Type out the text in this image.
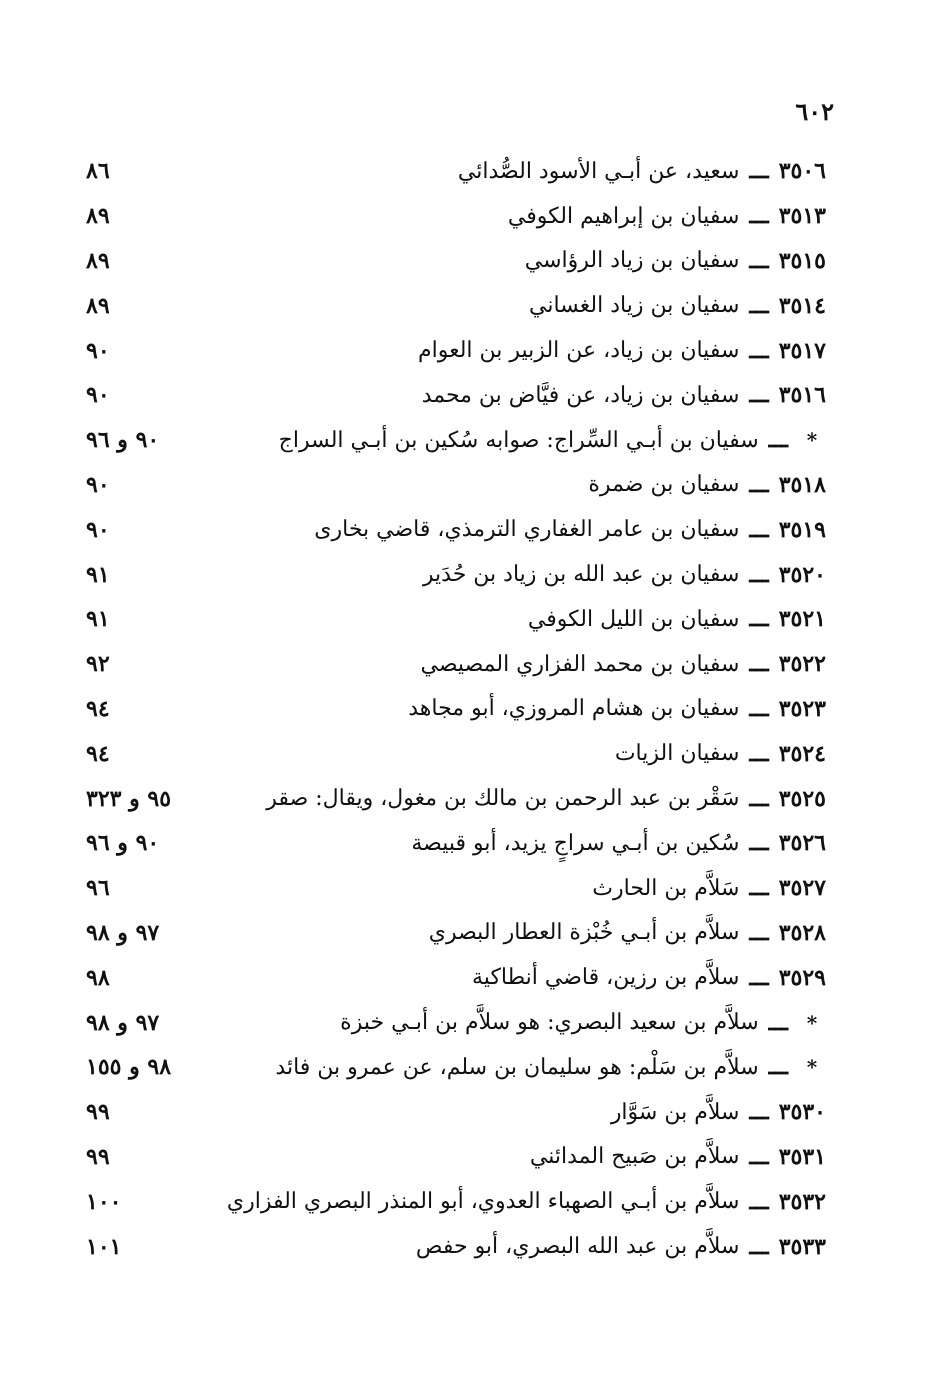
٦٠٢
٣٥٠٦
ـــ
سعيد، عن أبـي الأسود الصُّدائي
٨٦
٣٥١٣
ـــ
سفيان بن إبراهيم الكوفي
٨٩
٣٥١٥
ـــ
سفيان بن زياد الرؤاسي
٨٩
٣٥١٤
ـــ
سفيان بن زياد الغساني
٨٩
٣٥١٧
ـــ
سفيان بن زياد، عن الزبير بن العوام
٩٠
٣٥١٦
ـــ
سفيان بن زياد، عن فيَّاض بن محمد
٩٠
*
ـــ
سفيان بن أبـي السِّراج: صوابه سُكين بن أبـي السراج
٩٠ و ٩٦
٣٥١٨
ـــ
سفيان بن ضمرة
٩٠
٣٥١٩
ـــ
سفيان بن عامر الغفاري الترمذي، قاضي بخارى
٩٠
٣٥٢٠
ـــ
سفيان بن عبد الله بن زياد بن حُدَير
٩١
٣٥٢١
ـــ
سفيان بن الليل الكوفي
٩١
٣٥٢٢
ـــ
سفيان بن محمد الفزاري المصيصي
٩٢
٣٥٢٣
ـــ
سفيان بن هشام المروزي، أبو مجاهد
٩٤
٣٥٢٤
ـــ
سفيان الزيات
٩٤
٣٥٢٥
ـــ
سَقْر بن عبد الرحمن بن مالك بن مغول، ويقال: صقر
٩٥ و ٣٢٣
٣٥٢٦
ـــ
سُكين بن أبـي سراجٍ يزيد، أبو قبيصة
٩٠ و ٩٦
٣٥٢٧
ـــ
سَلاَّم بن الحارث
٩٦
٣٥٢٨
ـــ
سلاَّم بن أبـي خُبْزة العطار البصري
٩٧ و ٩٨
٣٥٢٩
ـــ
سلاَّم بن رزين، قاضي أنطاكية
٩٨
*
ـــ
سلاَّم بن سعيد البصري: هو سلاَّم بن أبـي خبزة
٩٧ و ٩٨
*
ـــ
سلاَّم بن سَلْم: هو سليمان بن سلم، عن عمرو بن فائد
٩٨ و ١٥٥
٣٥٣٠
ـــ
سلاَّم بن سَوَّار
٩٩
٣٥٣١
ـــ
سلاَّم بن صَبيح المدائني
٩٩
٣٥٣٢
ـــ
سلاَّم بن أبـي الصهباء العدوي، أبو المنذر البصري الفزاري
١٠٠
٣٥٣٣
ـــ
سلاَّم بن عبد الله البصري، أبو حفص
١٠١
